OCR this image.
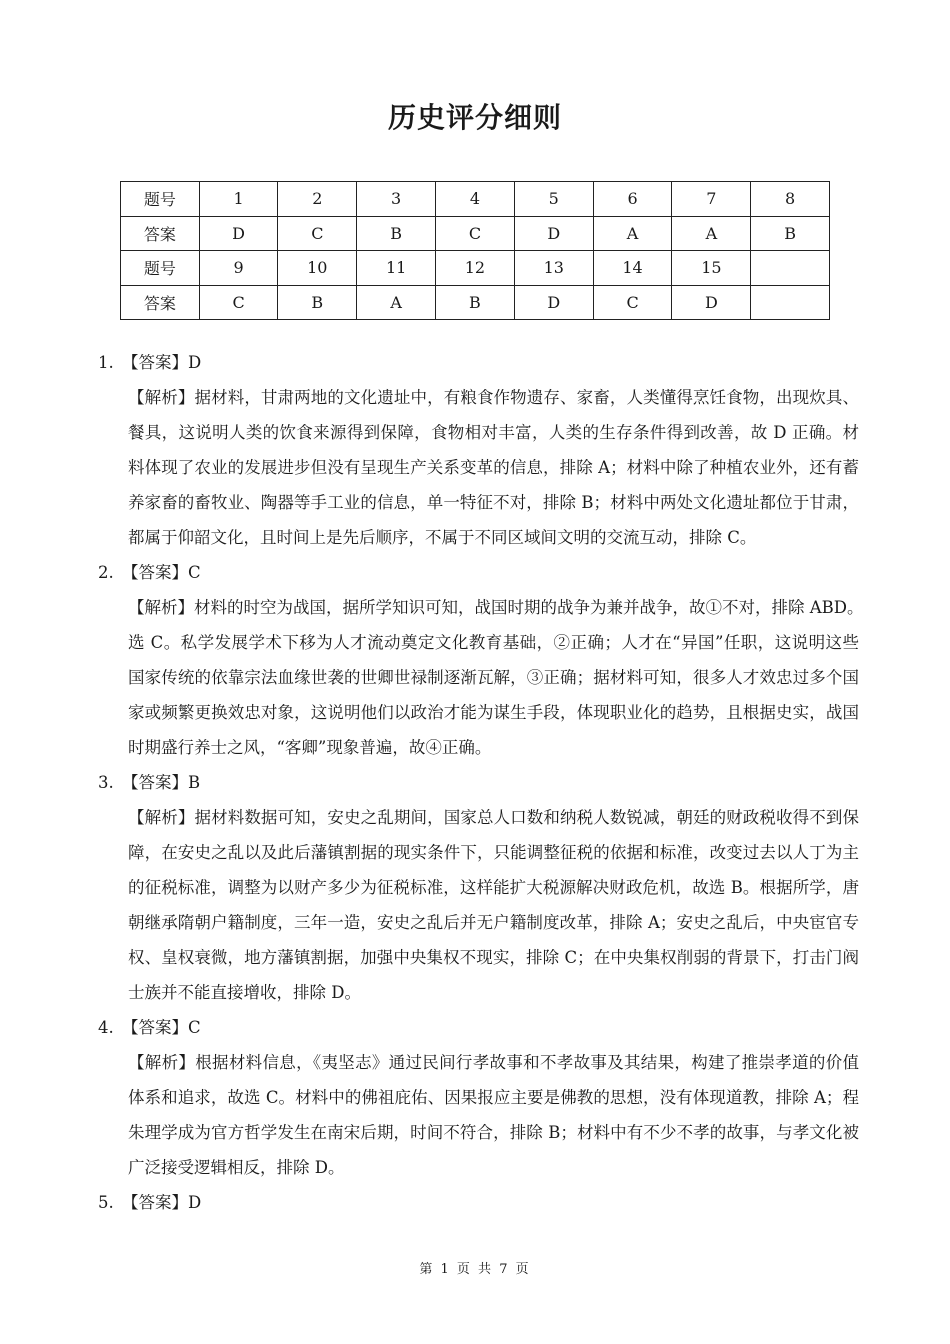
历史评分细则
题号	1	2	3	4	5	6	7	8
答案	D	C	B	C	D	A	A	B
题号	9	10	11	12	13	14	15	
答案	C	B	A	B	D	C	D	
1. 【答案】D
【解析】据材料，甘肃两地的文化遗址中，有粮食作物遗存、家畜，人类懂得烹饪食物，出现炊具、
餐具，这说明人类的饮食来源得到保障，食物相对丰富，人类的生存条件得到改善，故 D 正确。材
料体现了农业的发展进步但没有呈现生产关系变革的信息，排除 A；材料中除了种植农业外，还有蓄
养家畜的畜牧业、陶器等手工业的信息，单一特征不对，排除 B；材料中两处文化遗址都位于甘肃，
都属于仰韶文化，且时间上是先后顺序，不属于不同区域间文明的交流互动，排除 C。
2. 【答案】C
【解析】材料的时空为战国，据所学知识可知，战国时期的战争为兼并战争，故①不对，排除 ABD。
选 C。私学发展学术下移为人才流动奠定文化教育基础，②正确；人才在“异国”任职，这说明这些
国家传统的依靠宗法血缘世袭的世卿世禄制逐渐瓦解，③正确；据材料可知，很多人才效忠过多个国
家或频繁更换效忠对象，这说明他们以政治才能为谋生手段，体现职业化的趋势，且根据史实，战国
时期盛行养士之风，“客卿”现象普遍，故④正确。
3. 【答案】B
【解析】据材料数据可知，安史之乱期间，国家总人口数和纳税人数锐减，朝廷的财政税收得不到保
障，在安史之乱以及此后藩镇割据的现实条件下，只能调整征税的依据和标准，改变过去以人丁为主
的征税标准，调整为以财产多少为征税标准，这样能扩大税源解决财政危机，故选 B。根据所学，唐
朝继承隋朝户籍制度，三年一造，安史之乱后并无户籍制度改革，排除 A；安史之乱后，中央宦官专
权、皇权衰微，地方藩镇割据，加强中央集权不现实，排除 C；在中央集权削弱的背景下，打击门阀
士族并不能直接增收，排除 D。
4. 【答案】C
【解析】根据材料信息，《夷坚志》通过民间行孝故事和不孝故事及其结果，构建了推崇孝道的价值
体系和追求，故选 C。材料中的佛祖庇佑、因果报应主要是佛教的思想，没有体现道教，排除 A；程
朱理学成为官方哲学发生在南宋后期，时间不符合，排除 B；材料中有不少不孝的故事，与孝文化被
广泛接受逻辑相反，排除 D。
5. 【答案】D
第 1 页 共 7 页
